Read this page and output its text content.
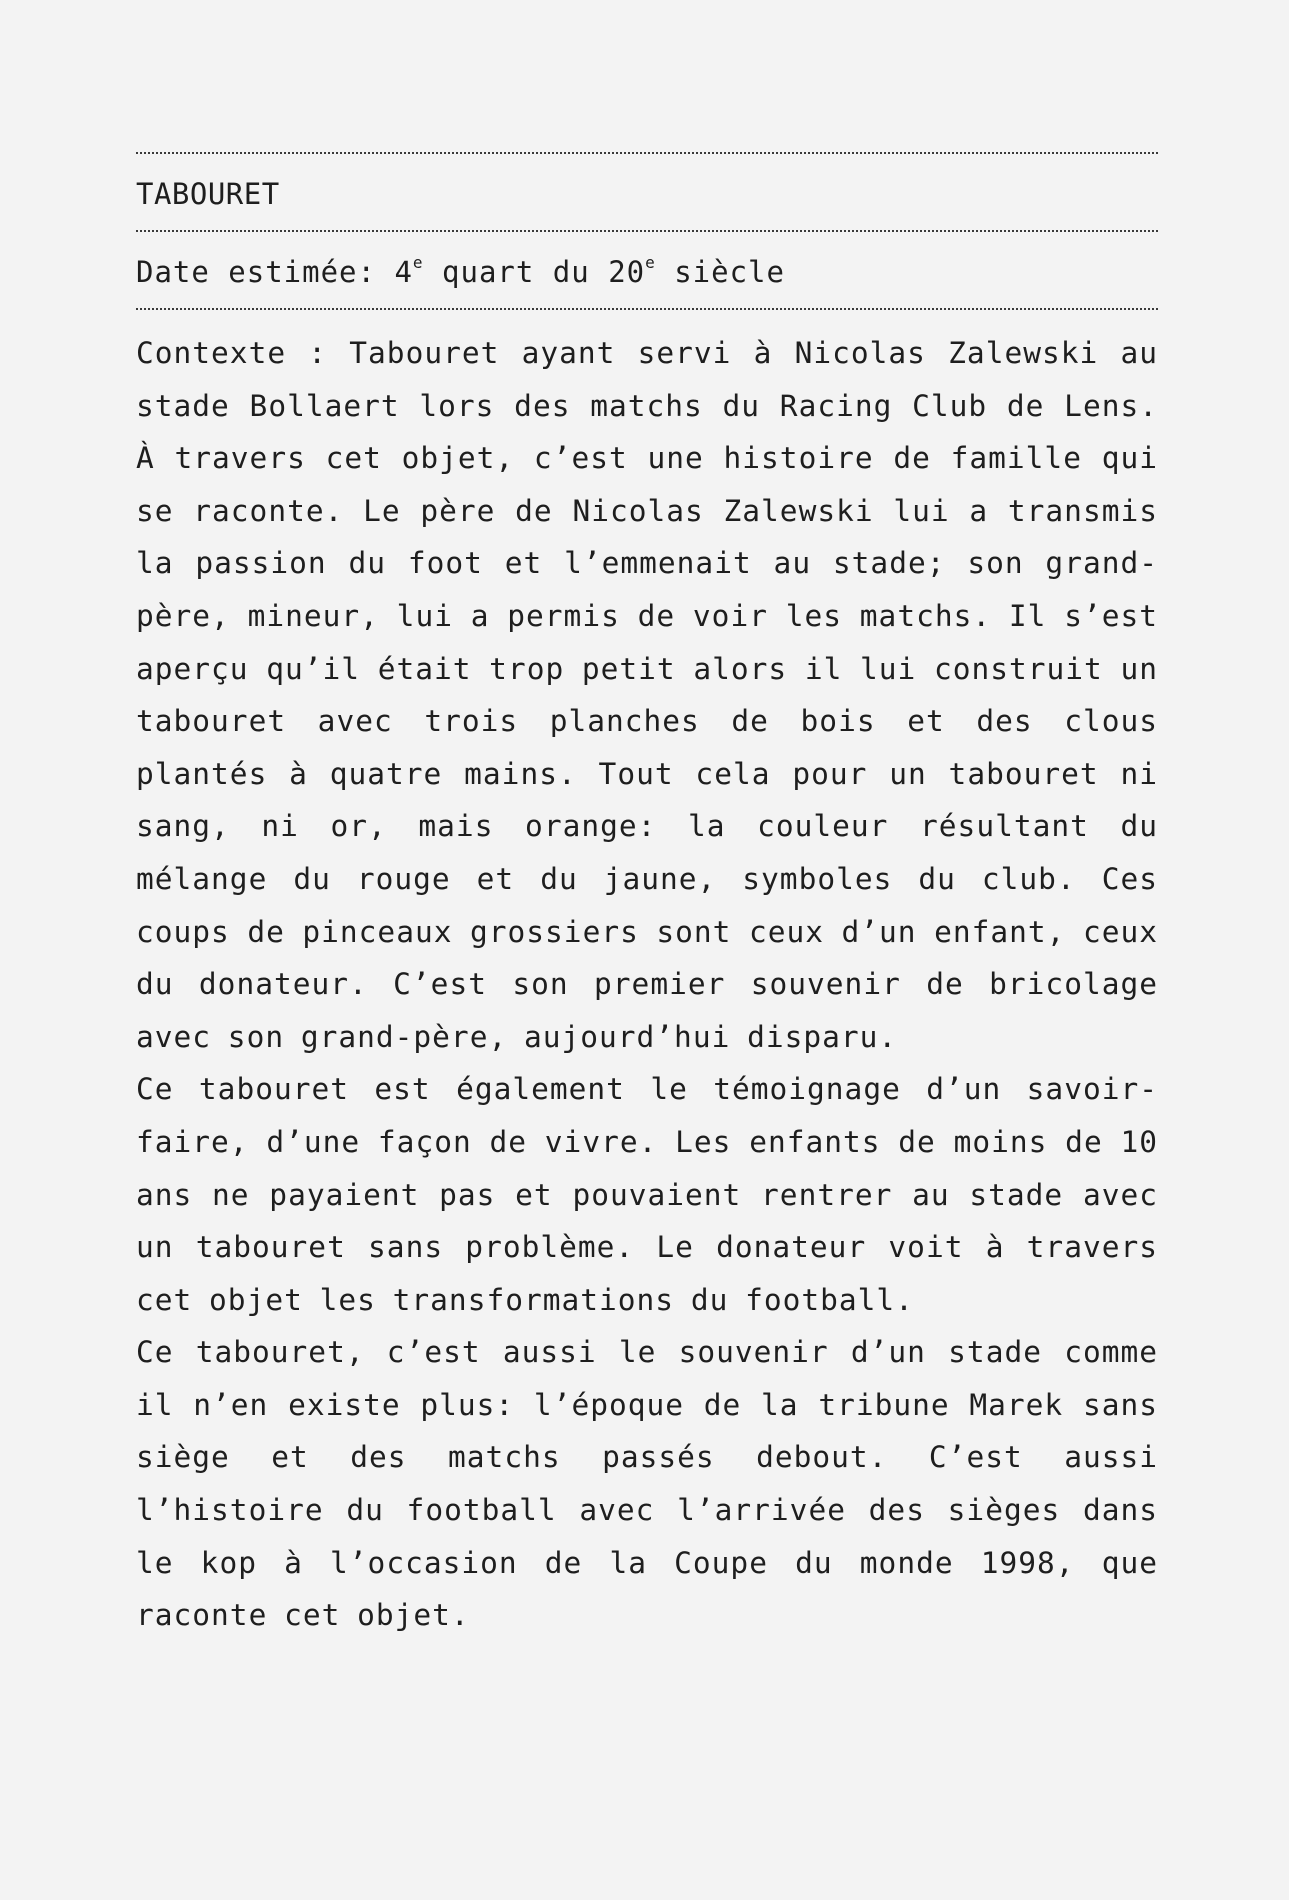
TABOURET
Date estimée: 4e quart du 20e siècle

Contexte : Tabouret ayant servi à Nicolas Zalewski au stade Bollaert lors des matchs du Racing Club de Lens. À travers cet objet, c’est une histoire de famille qui se raconte. Le père de Nicolas Zalewski lui a transmis la passion du foot et l’emmenait au stade; son grand-père, mineur, lui a permis de voir les matchs. Il s’est aperçu qu’il était trop petit alors il lui construit un tabouret avec trois planches de bois et des clous plantés à quatre mains. Tout cela pour un tabouret ni sang, ni or, mais orange: la couleur résultant du mélange du rouge et du jaune, symboles du club. Ces coups de pinceaux grossiers sont ceux d’un enfant, ceux du donateur. C’est son premier souvenir de bricolage avec son grand-père, aujourd’hui disparu.

Ce tabouret est également le témoignage d’un savoir-faire, d’une façon de vivre. Les enfants de moins de 10 ans ne payaient pas et pouvaient rentrer au stade avec un tabouret sans problème. Le donateur voit à travers cet objet les transformations du football.

Ce tabouret, c’est aussi le souvenir d’un stade comme il n’en existe plus: l’époque de la tribune Marek sans siège et des matchs passés debout. C’est aussi l’histoire du football avec l’arrivée des sièges dans le kop à l’occasion de la Coupe du monde 1998, que raconte cet objet.
